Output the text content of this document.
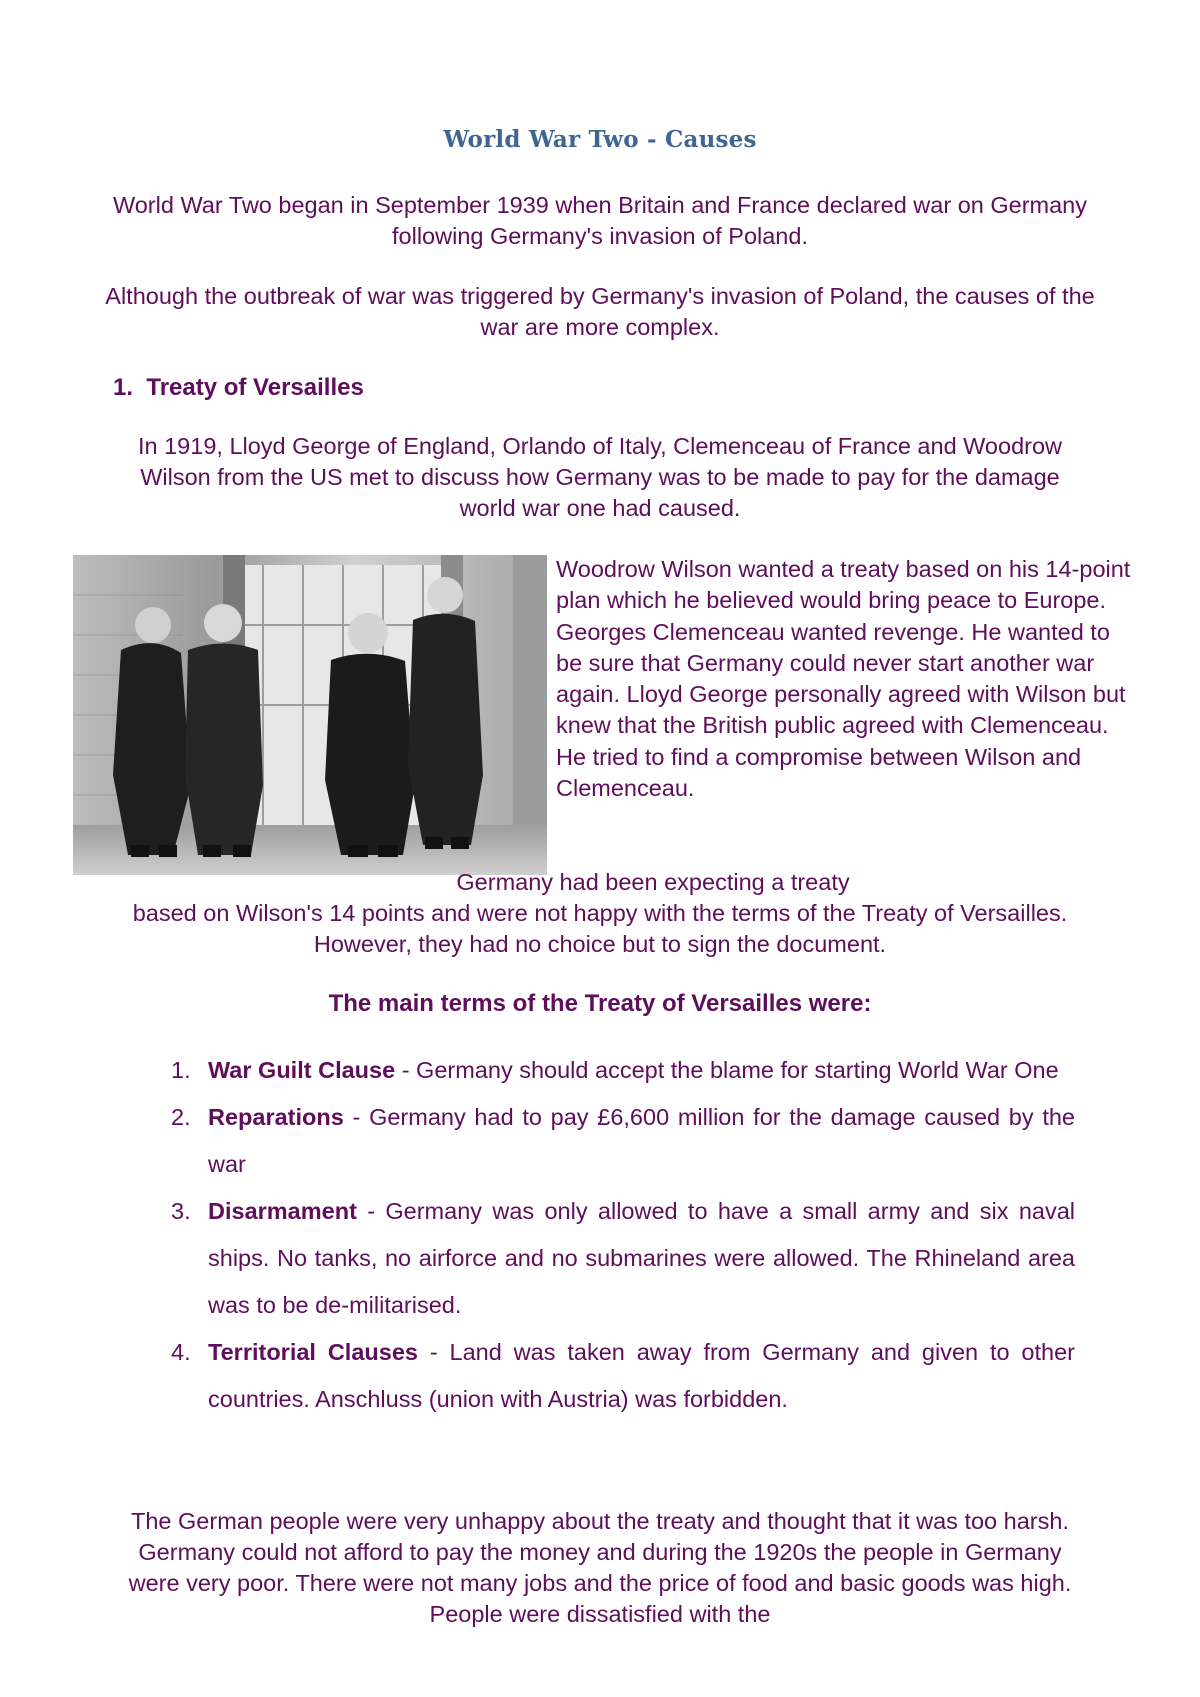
World War Two - Causes
World War Two began in September 1939 when Britain and France declared war on Germany following Germany's invasion of Poland.
Although the outbreak of war was triggered by Germany's invasion of Poland, the causes of the war are more complex.
1. Treaty of Versailles
In 1919, Lloyd George of England, Orlando of Italy, Clemenceau of France and Woodrow Wilson from the US met to discuss how Germany was to be made to pay for the damage world war one had caused.
Woodrow Wilson wanted a treaty based on his 14-point plan which he believed would bring peace to Europe. Georges Clemenceau wanted revenge. He wanted to be sure that Germany could never start another war again. Lloyd George personally agreed with Wilson but knew that the British public agreed with Clemenceau. He tried to find a compromise between Wilson and Clemenceau.
Germany had been expecting a treaty
based on Wilson's 14 points and were not happy with the terms of the Treaty of Versailles. However, they had no choice but to sign the document.
The main terms of the Treaty of Versailles were:
1. War Guilt Clause - Germany should accept the blame for starting World War One
2. Reparations - Germany had to pay £6,600 million for the damage caused by the war
3. Disarmament - Germany was only allowed to have a small army and six naval ships. No tanks, no airforce and no submarines were allowed. The Rhineland area was to be de-militarised.
4. Territorial Clauses - Land was taken away from Germany and given to other countries. Anschluss (union with Austria) was forbidden.
The German people were very unhappy about the treaty and thought that it was too harsh. Germany could not afford to pay the money and during the 1920s the people in Germany were very poor. There were not many jobs and the price of food and basic goods was high. People were dissatisfied with the
